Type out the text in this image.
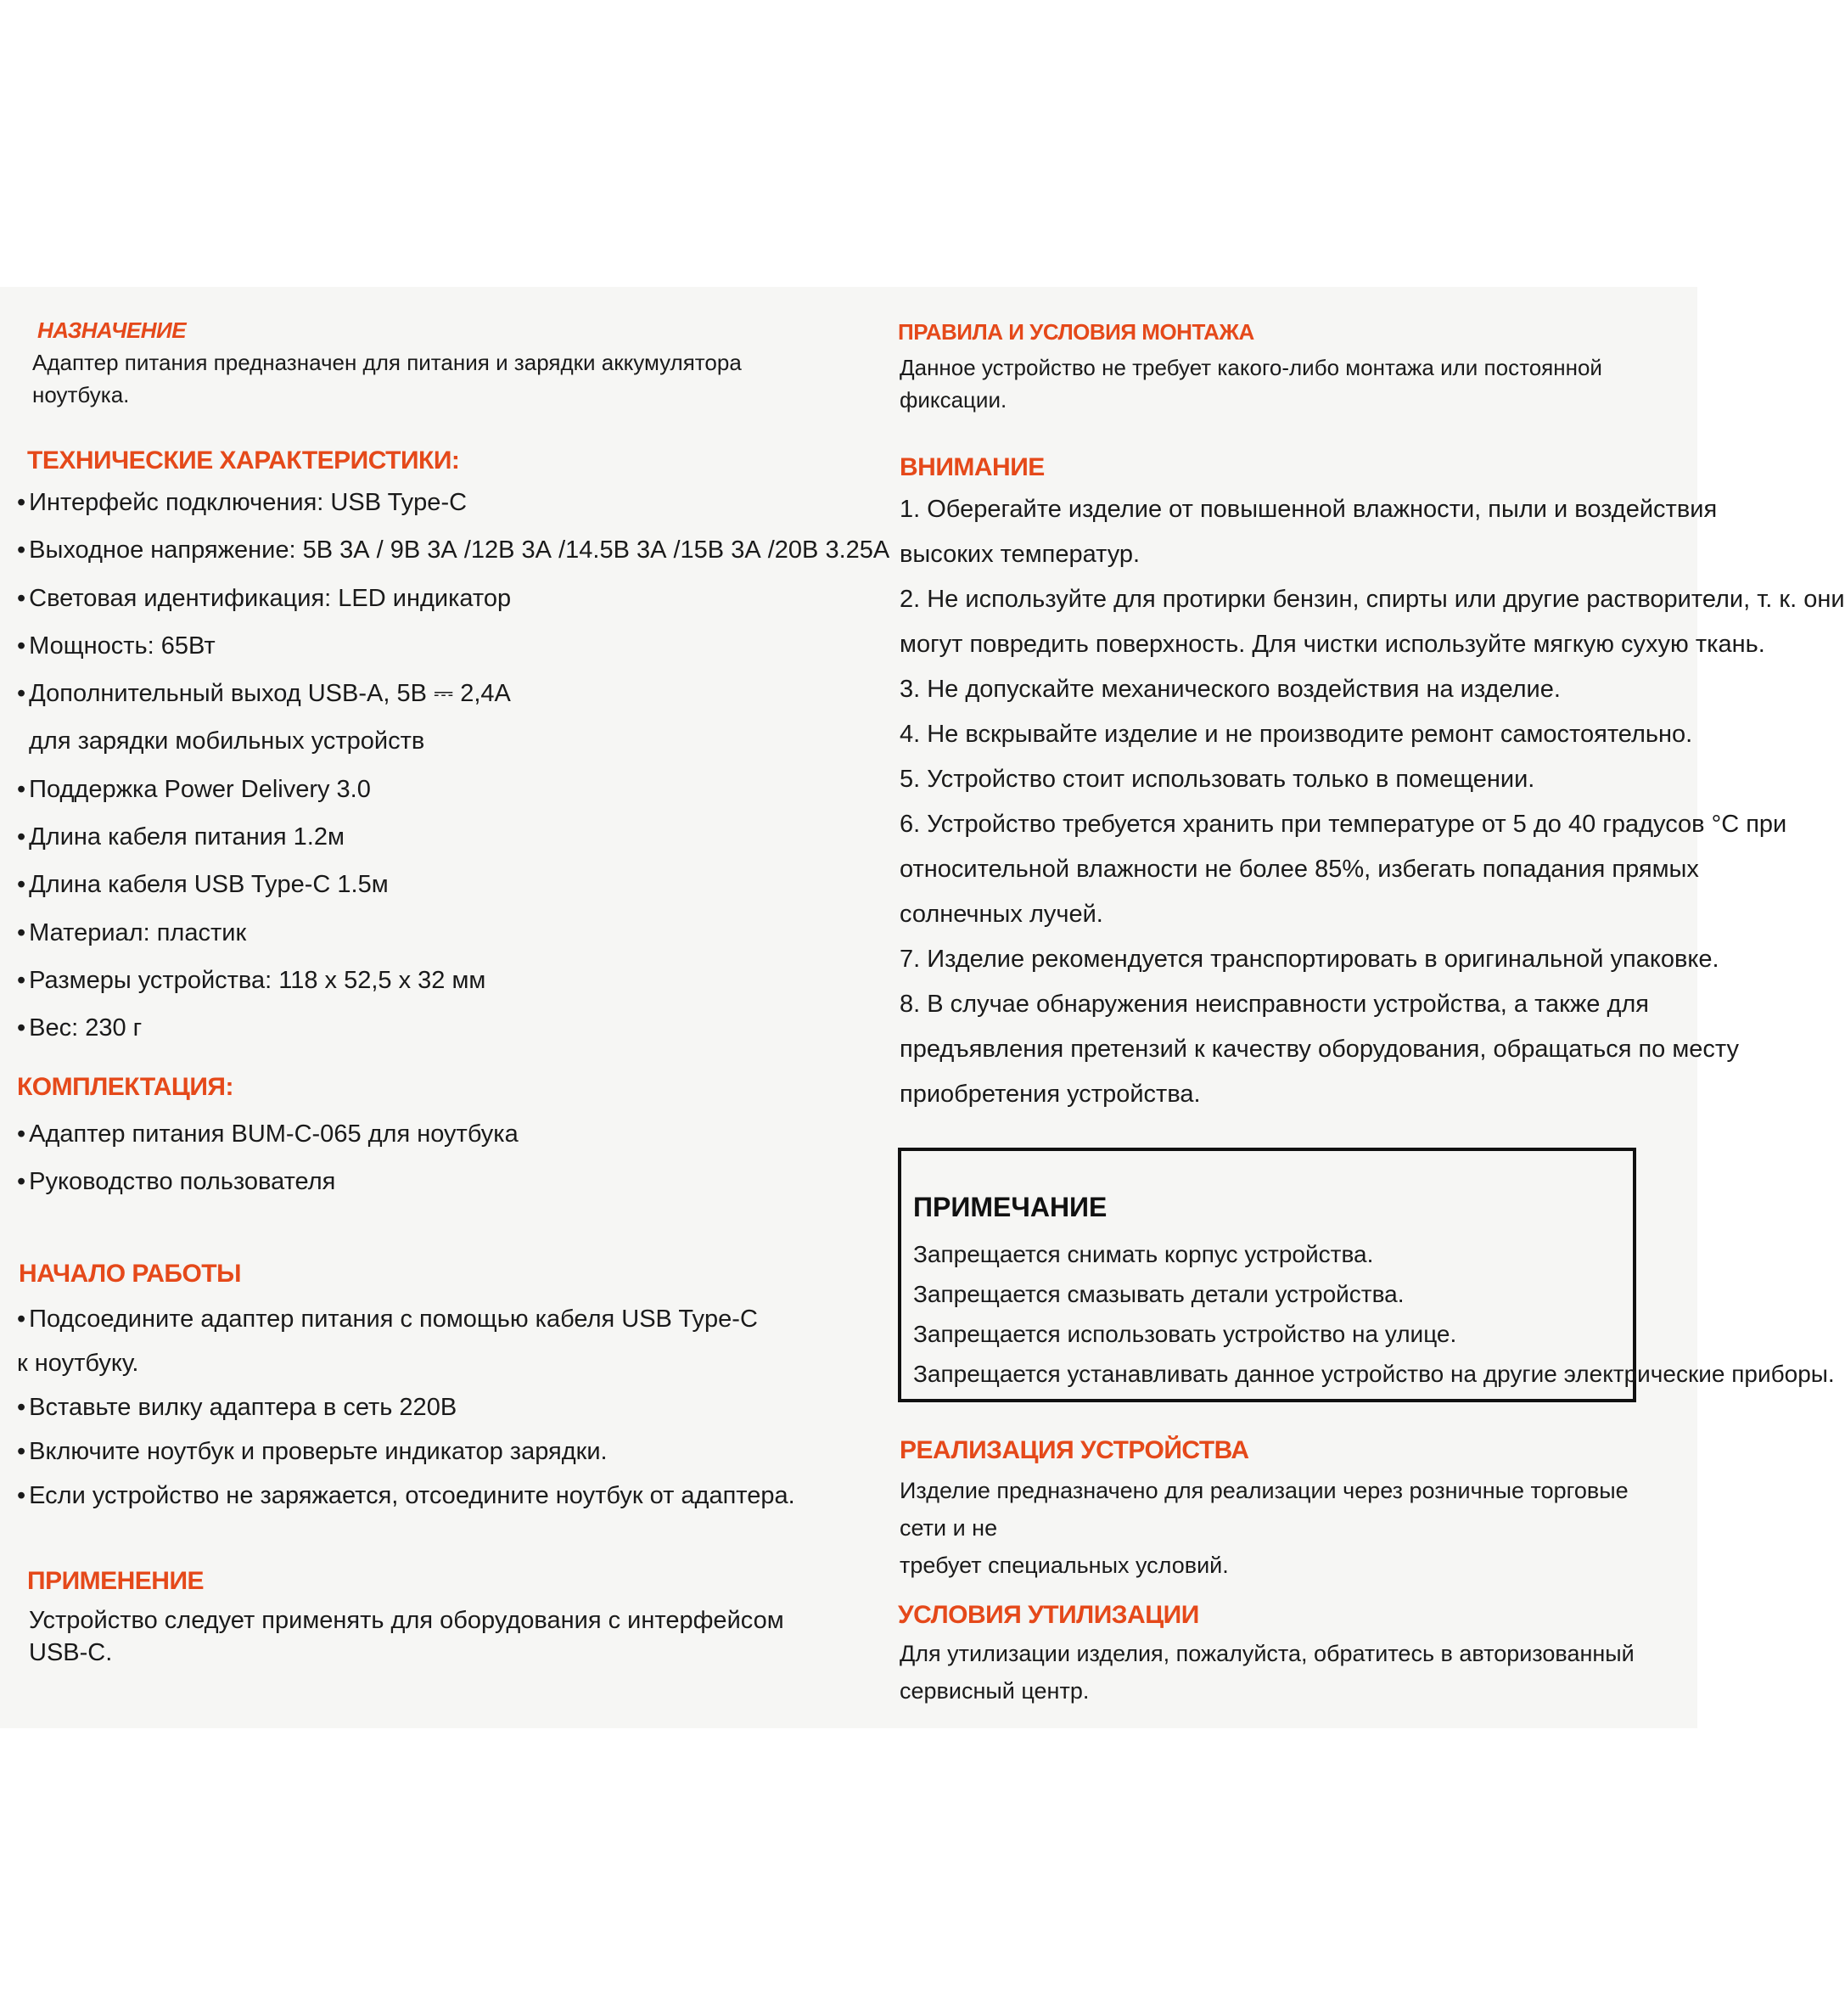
НАЗНАЧЕНИЕ

Адаптер питания предназначен для питания и зарядки аккумулятора
ноутбука.

ТЕХНИЧЕСКИЕ ХАРАКТЕРИСТИКИ:
• Интерфейс подключения: USB Type-C
• Выходное напряжение: 5В 3А / 9В 3А /12В 3А /14.5В 3А /15В 3А /20В 3.25А
• Световая идентификация: LED индикатор
• Мощность: 65Вт
• Дополнительный выход USB-A, 5В ⎓ 2,4А
для зарядки мобильных устройств
• Поддержка Power Delivery 3.0
• Длина кабеля питания 1.2м
• Длина кабеля USB Type-C 1.5м
• Материал: пластик
• Размеры устройства: 118 х 52,5 х 32 мм
• Вес: 230 г
КОМПЛЕКТАЦИЯ:
• Адаптер питания BUM-C-065 для ноутбука
• Руководство пользователя
НАЧАЛО РАБОТЫ
• Подсоедините адаптер питания с помощью кабеля USB Type-C
к ноутбуку.
• Вставьте вилку адаптера в сеть 220В
• Включите ноутбук и проверьте индикатор зарядки.
• Если устройство не заряжается, отсоедините ноутбук от адаптера.
ПРИМЕНЕНИЕ

Устройство следует применять для оборудования с интерфейсом USB-C.

ПРАВИЛА И УСЛОВИЯ МОНТАЖА

Данное устройство не требует какого-либо монтажа или постоянной
фиксации.

ВНИМАНИЕ
1. Оберегайте изделие от повышенной влажности, пыли и воздействия
высоких температур.
2. Не используйте для протирки бензин, спирты или другие растворители, т. к. они
могут повредить поверхность. Для чистки используйте мягкую сухую ткань.
3. Не допускайте механического воздействия на изделие.
4. Не вскрывайте изделие и не производите ремонт самостоятельно.
5. Устройство стоит использовать только в помещении.
6. Устройство требуется хранить при температуре от 5 до 40 градусов °С при
относительной влажности не более 85%, избегать попадания прямых
солнечных лучей.
7. Изделие рекомендуется транспортировать в оригинальной упаковке.
8. В случае обнаружения неисправности устройства, а также для
предъявления претензий к качеству оборудования, обращаться по месту
приобретения устройства.
РЕАЛИЗАЦИЯ УСТРОЙСТВА

Изделие предназначено для реализации через розничные торговые сети и не
требует специальных условий.

УСЛОВИЯ УТИЛИЗАЦИИ

Для утилизации изделия, пожалуйста, обратитесь в авторизованный
сервисный центр.

ПРИМЕЧАНИЕ
Запрещается снимать корпус устройства.
Запрещается смазывать детали устройства.
Запрещается использовать устройство на улице.
Запрещается устанавливать данное устройство на другие электрические приборы.
